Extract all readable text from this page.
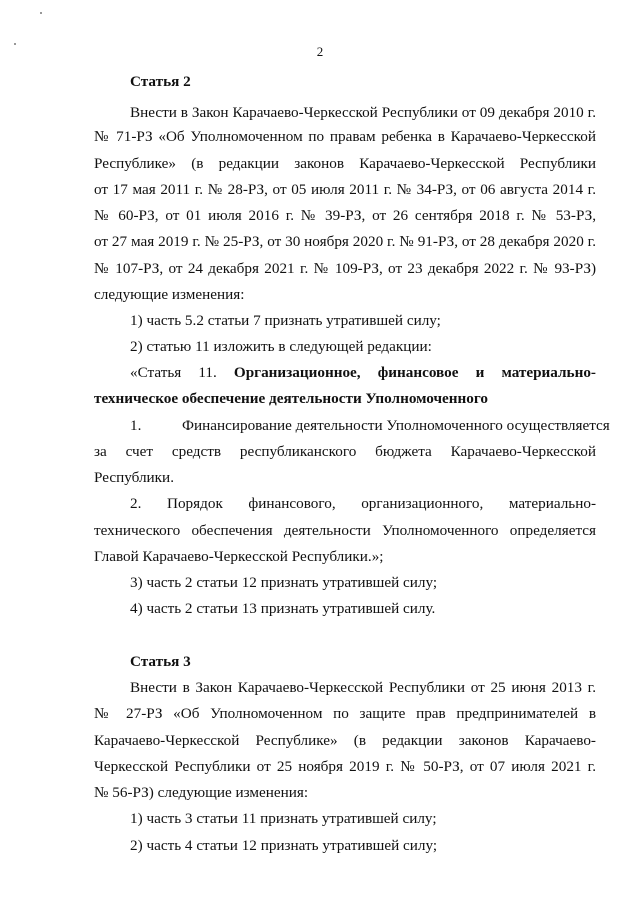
2
Статья 2
Внести в Закон Карачаево-Черкесской Республики от 09 декабря 2010 г.
№ 71-РЗ «Об Уполномоченном по правам ребенка в Карачаево-Черкесской
Республике» (в редакции законов Карачаево-Черкесской Республики
от 17 мая 2011 г. № 28-РЗ, от 05 июля 2011 г. № 34-РЗ, от 06 августа 2014 г.
№ 60-РЗ, от 01 июля 2016 г. № 39-РЗ, от 26 сентября 2018 г. № 53-РЗ,
от 27 мая 2019 г. № 25-РЗ, от 30 ноября 2020 г. № 91-РЗ, от 28 декабря 2020 г.
№ 107-РЗ, от 24 декабря 2021 г. № 109-РЗ, от 23 декабря 2022 г. № 93-РЗ)
следующие изменения:
1) часть 5.2 статьи 7 признать утратившей силу;
2) статью 11 изложить в следующей редакции:
«Статья 11. Организационное, финансовое и материально-
техническое обеспечение деятельности Уполномоченного
1.	Финансирование деятельности Уполномоченного осуществляется
за счет средств республиканского бюджета Карачаево-Черкесской
Республики.
2. Порядок финансового, организационного, материально-
технического обеспечения деятельности Уполномоченного определяется
Главой Карачаево-Черкесской Республики.»;
3) часть 2 статьи 12 признать утратившей силу;
4) часть 2 статьи 13 признать утратившей силу.
Статья 3
Внести в Закон Карачаево-Черкесской Республики от 25 июня 2013 г.
№ 27-РЗ «Об Уполномоченном по защите прав предпринимателей в
Карачаево-Черкесской Республике» (в редакции законов Карачаево-
Черкесской Республики от 25 ноября 2019 г. № 50-РЗ, от 07 июля 2021 г.
№ 56-РЗ) следующие изменения:
1) часть 3 статьи 11 признать утратившей силу;
2) часть 4 статьи 12 признать утратившей силу;
